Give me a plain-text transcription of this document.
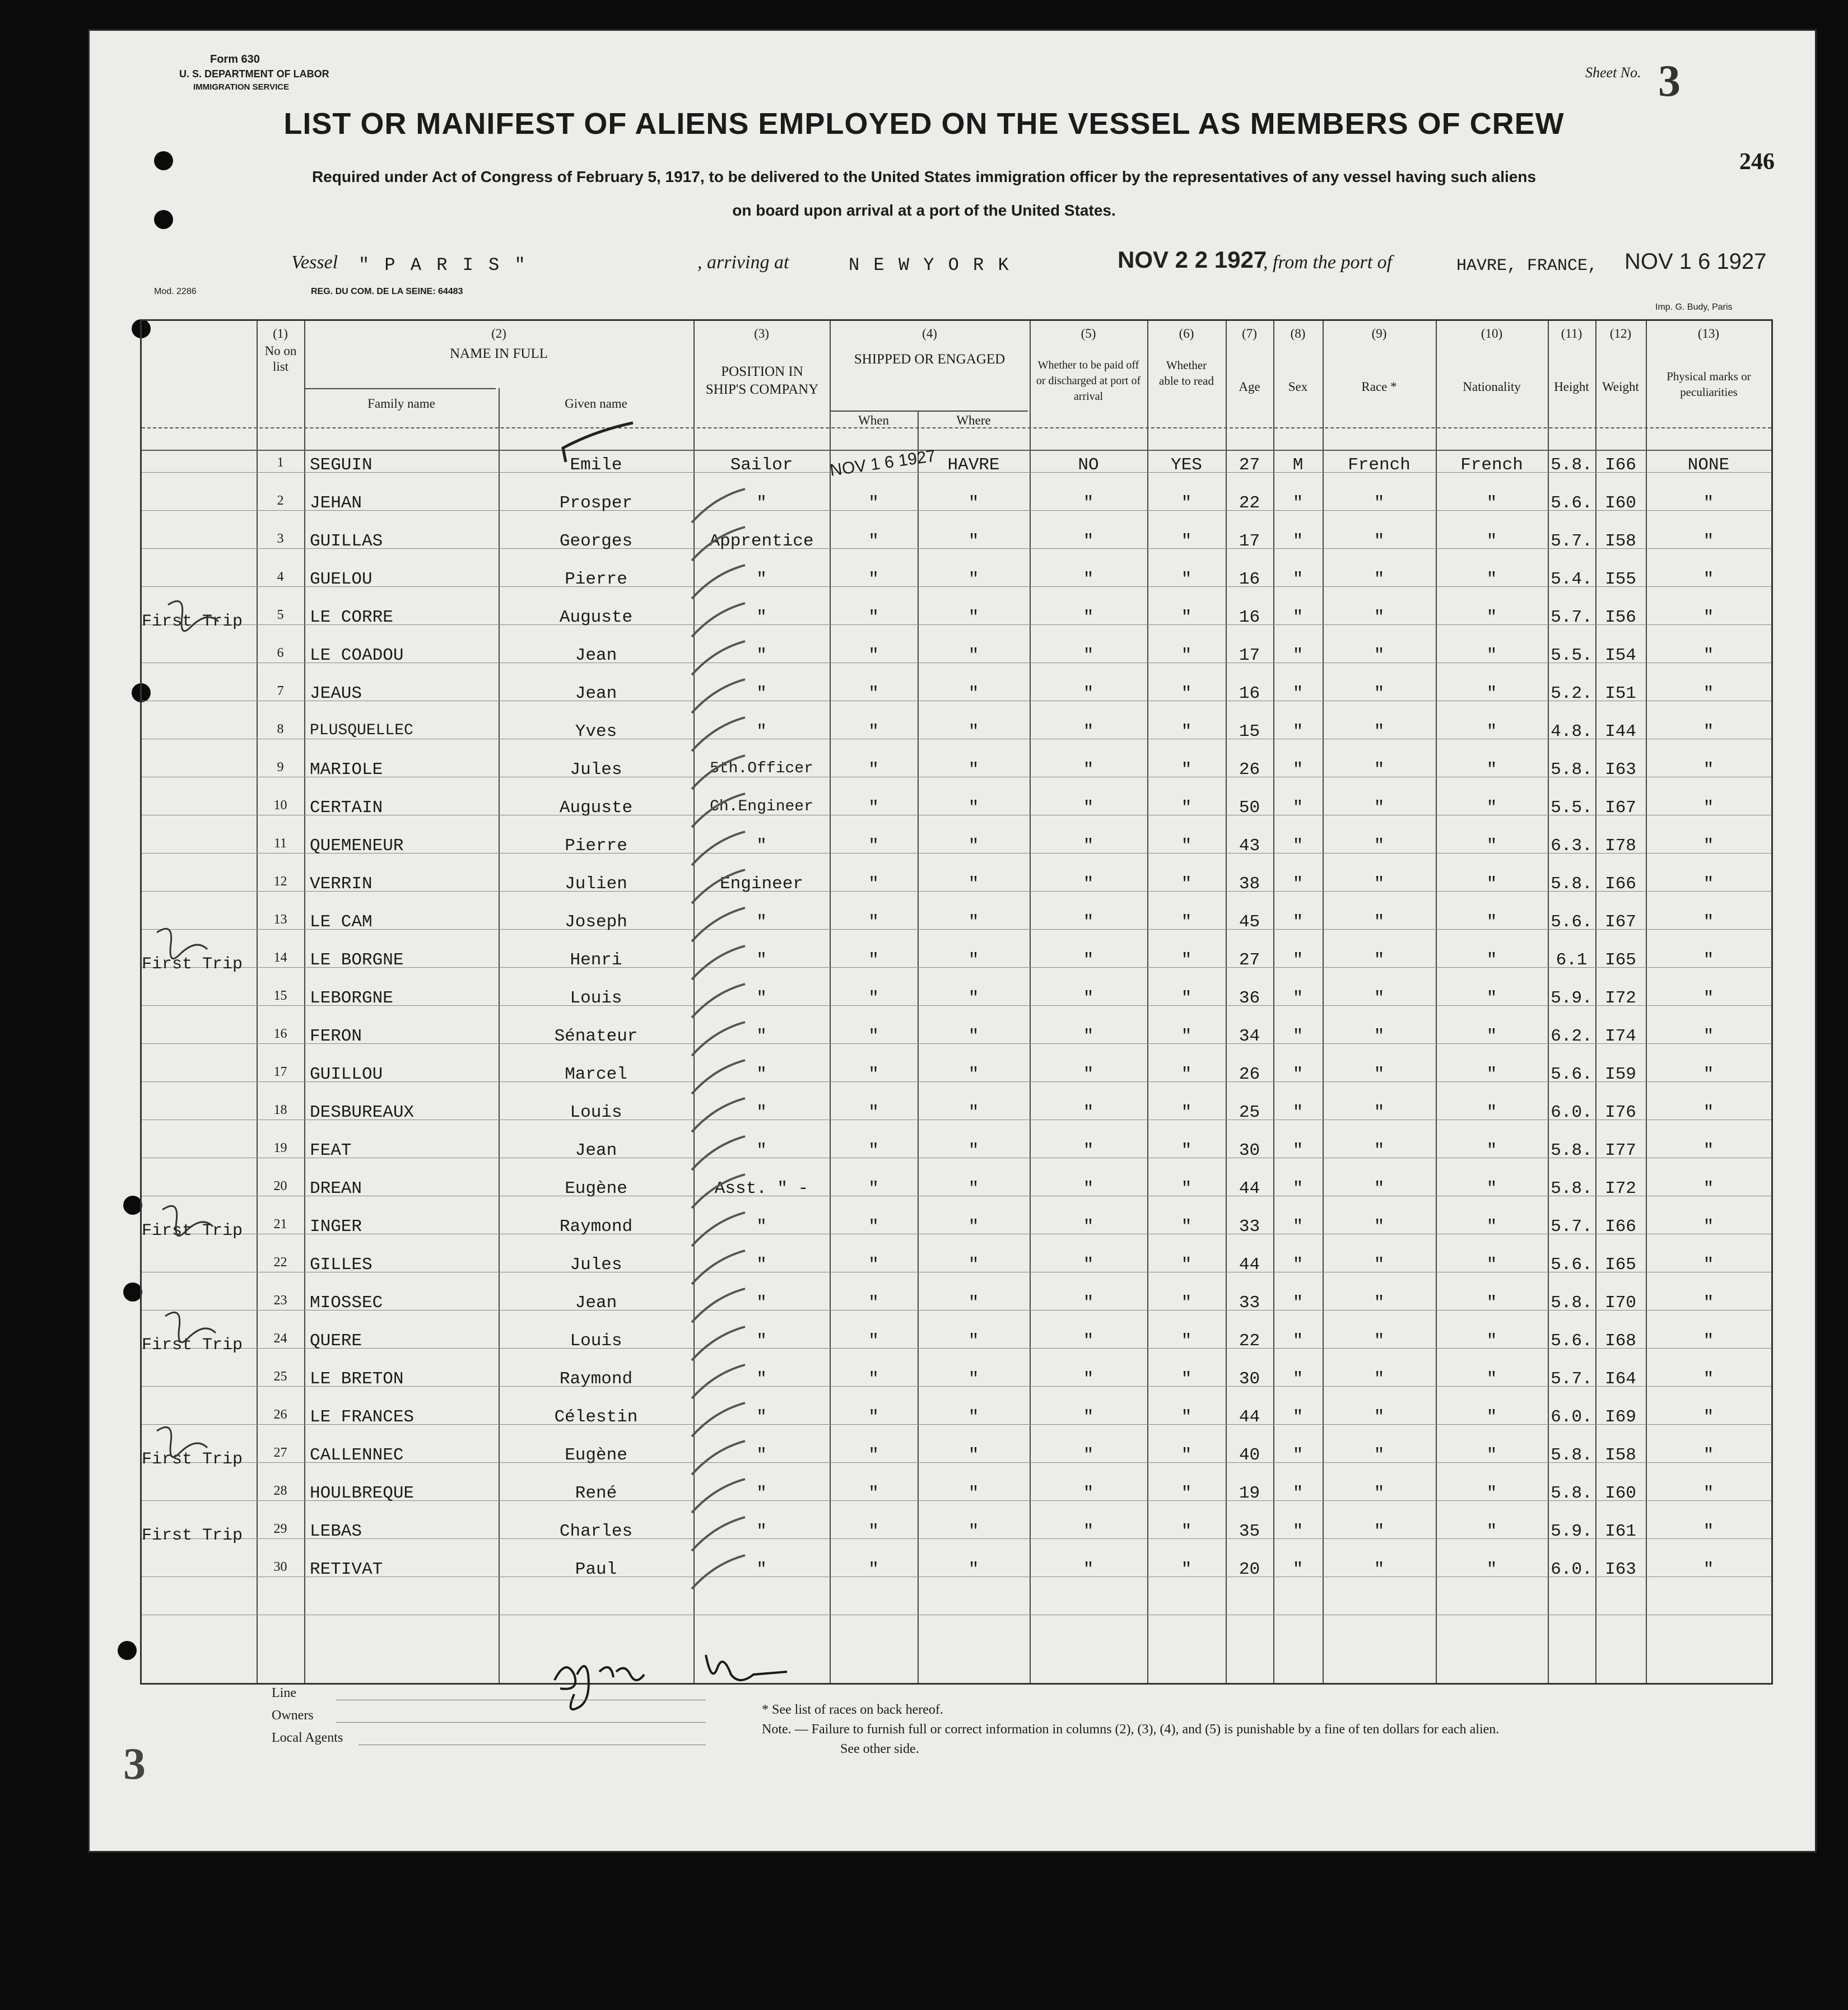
Form 630
U. S. DEPARTMENT OF LABOR
IMMIGRATION SERVICE
Sheet No. 3
246
LIST OR MANIFEST OF ALIENS EMPLOYED ON THE VESSEL AS MEMBERS OF CREW
Required under Act of Congress of February 5, 1917, to be delivered to the United States immigration officer by the representatives of any vessel having such aliens
on board upon arrival at a port of the United States.
Vessel " P A R I S "	, arriving at	N E W Y O R K	NOV 2 2 1927
, from the port of	HAVRE, FRANCE, NOV 1 6 1927
Mod. 2286	REG. DU COM. DE LA SEINE: 64483
Imp. G. Budy, Paris
(1)
No on list
(2)
NAME IN FULL
Family name	Given name
(3)
POSITION IN SHIP'S COMPANY
(4)
SHIPPED OR ENGAGED
When	Where
(5)
Whether to be paid off or discharged at port of arrival
(6)
Whether able to read
(7)
Age
(8)
Sex
(9)
Race *
(10)
Nationality
(11)
Height
(12)
Weight
(13)
Physical marks or peculiarities
1	SEGUIN	Emile	Sailor	NOV 1 6 1927 HAVRE	NO	YES	27	M	French	French	5.8. I66	NONE
2	JEHAN	Prosper	"	"	"	"	"	22	"	"	"	5.6. I60	"
3	GUILLAS	Georges	Apprentice	"	"	"	"	17	"	"	"	5.7. I58	"
4	GUELOU	Pierre	"	"	"	"	"	16	"	"	"	5.4. I55	"
5	LE CORRE	Auguste	"	"	"	"	"	16	"	"	"	5.7. I56	"
First Trip
6	LE COADOU	Jean	"	"	"	"	"	17	"	"	"	5.5. I54	"
7	JEAUS	Jean	"	"	"	"	"	16	"	"	"	5.2. I51	"
8	PLUSQUELLEC	Yves	"	"	"	"	"	15	"	"	"	4.8. I44	"
9	MARIOLE	Jules	5th.Officer	"	"	"	"	26	"	"	"	5.8. I63	"
10	CERTAIN	Auguste	Ch.Engineer	"	"	"	"	50	"	"	"	5.5. I67	"
11	QUEMENEUR	Pierre	"	"	"	"	"	43	"	"	"	6.3. I78	"
12	VERRIN	Julien	Engineer	"	"	"	"	38	"	"	"	5.8. I66	"
13	LE CAM	Joseph	"	"	"	"	"	45	"	"	"	5.6. I67	"
14	LE BORGNE	Henri	"	"	"	"	"	27	"	"	"	6.1	I65	"
First Trip
15	LEBORGNE	Louis	"	"	"	"	"	36	"	"	"	5.9. I72	"
16	FERON	Sénateur	"	"	"	"	"	34	"	"	"	6.2. I74	"
17	GUILLOU	Marcel	"	"	"	"	"	26	"	"	"	5.6. I59	"
18	DESBUREAUX	Louis	"	"	"	"	"	25	"	"	"	6.0. I76	"
19	FEAT	Jean	"	"	"	"	"	30	"	"	"	5.8. I77	"
20	DREAN	Eugène	Asst. " -	"	"	"	"	44	"	"	"	5.8. I72	"
21	INGER	Raymond	"	"	"	"	"	33	"	"	"	5.7. I66	"
First Trip
22	GILLES	Jules	"	"	"	"	"	44	"	"	"	5.6. I65	"
23	MIOSSEC	Jean	"	"	"	"	"	33	"	"	"	5.8. I70	"
24	QUERE	Louis	"	"	"	"	"	22	"	"	"	5.6. I68	"
First Trip
25	LE BRETON	Raymond	"	"	"	"	"	30	"	"	"	5.7. I64	"
26	LE FRANCES	Célestin	"	"	"	"	"	44	"	"	"	6.0. I69	"
27	CALLENNEC	Eugène	"	"	"	"	"	40	"	"	"	5.8. I58	"
First Trip
28	HOULBREQUE	René	"	"	"	"	"	19	"	"	"	5.8. I60	"
29	LEBAS	Charles	"	"	"	"	"	35	"	"	"	5.9. I61	"
First Trip
30	RETIVAT	Paul	"	"	"	"	"	20	"	"	"	6.0. I63	"
Line
Owners
Local Agents
* See list of races on back hereof.
Note. — Failure to furnish full or correct information in columns (2), (3), (4), and (5) is punishable by a fine of ten dollars for each alien.
See other side.
3
